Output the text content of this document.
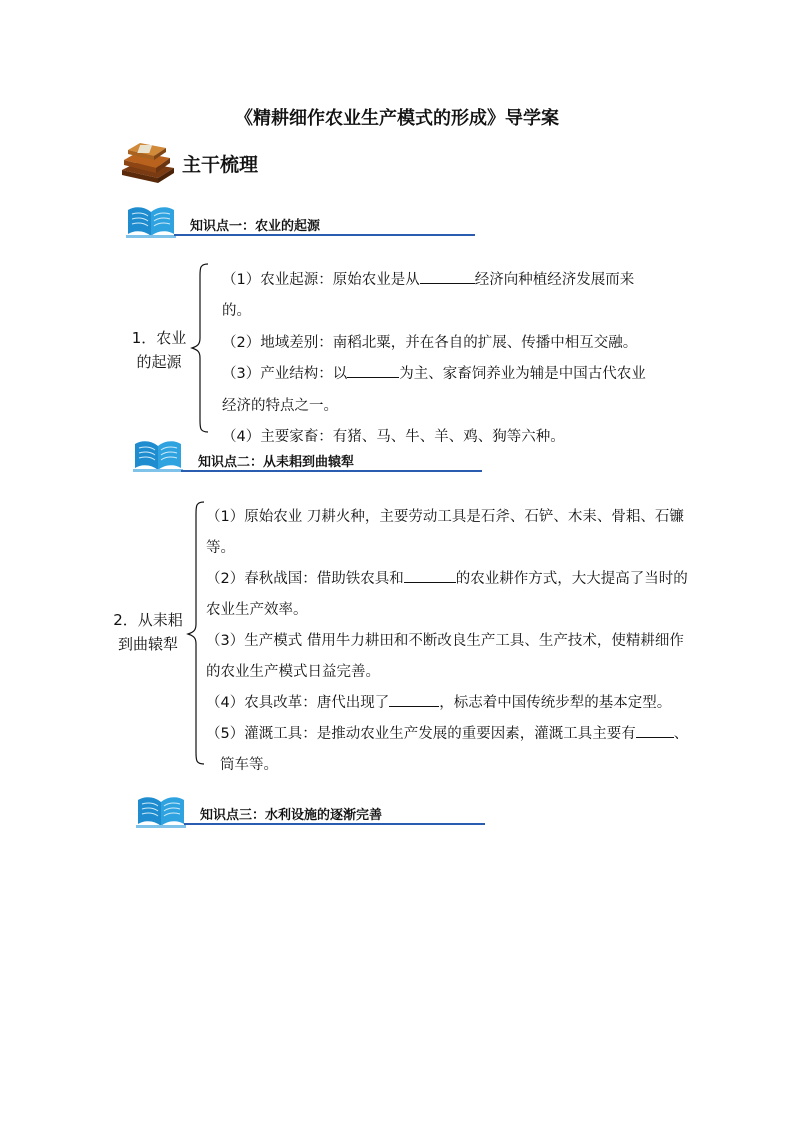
《精耕细作农业生产模式的形成》导学案
主干梳理
知识点一：农业的起源
1．农业
的起源
（1）农业起源：原始农业是从	经济向种植经济发展而来
的。
（2）地域差别：南稻北粟，并在各自的扩展、传播中相互交融。
（3）产业结构：以	为主、家畜饲养业为辅是中国古代农业
经济的特点之一。
（4）主要家畜：有猪、马、牛、羊、鸡、狗等六种。
知识点二：从耒耜到曲辕犁
2．从耒耜
到曲辕犁
（1）原始农业 刀耕火种，主要劳动工具是石斧、石铲、木耒、骨耜、石镰
等。
（2）春秋战国：借助铁农具和	的农业耕作方式，大大提高了当时的
农业生产效率。
（3）生产模式 借用牛力耕田和不断改良生产工具、生产技术，使精耕细作
的农业生产模式日益完善。
（4）农具改革：唐代出现了	，标志着中国传统步犁的基本定型。
（5）灌溉工具：是推动农业生产发展的重要因素，灌溉工具主要有	、
筒车等。
知识点三：水利设施的逐渐完善
